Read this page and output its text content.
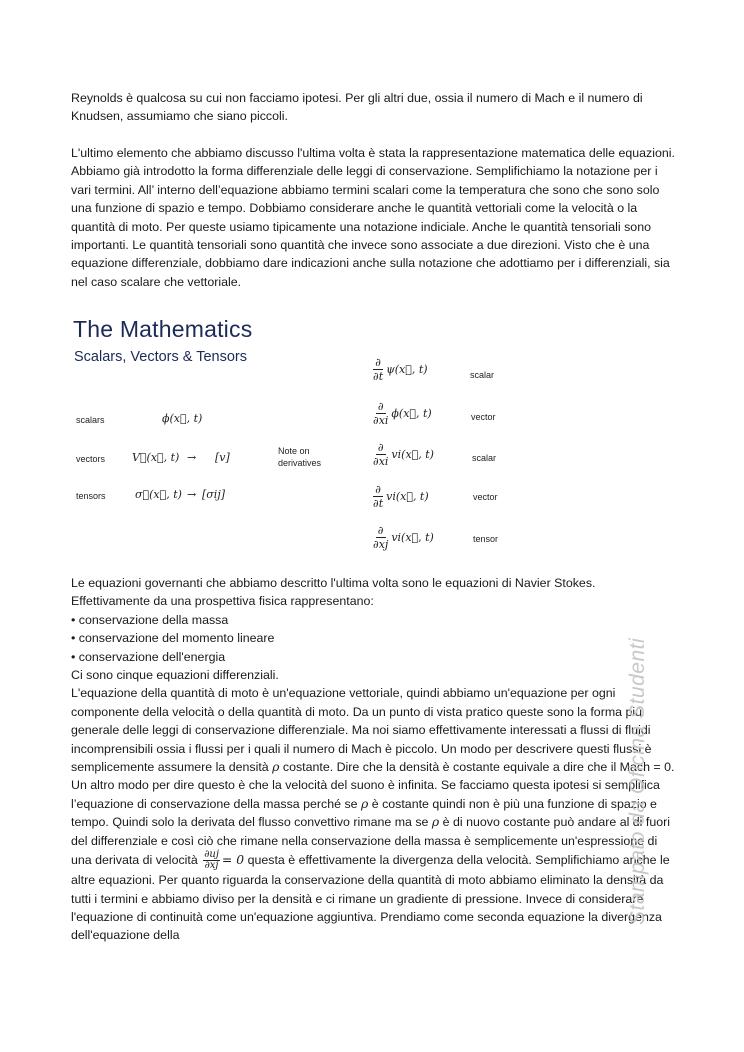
Reynolds è qualcosa su cui non facciamo ipotesi. Per gli altri due, ossia il numero di Mach e il numero di Knudsen, assumiamo che siano piccoli.

L'ultimo elemento che abbiamo discusso l'ultima volta è stata la rappresentazione matematica delle equazioni. Abbiamo già introdotto la forma differenziale delle leggi di conservazione. Semplifichiamo la notazione per i vari termini. All’ interno dell’equazione abbiamo termini scalari come la temperatura che sono che sono solo una funzione di spazio e tempo. Dobbiamo considerare anche le quantità vettoriali come la velocità o la quantità di moto. Per queste usiamo tipicamente una notazione indiciale. Anche le quantità tensoriali sono importanti. Le quantità tensoriali sono quantità che invece sono associate a due direzioni. Visto che è una equazione differenziale, dobbiamo dare indicazioni anche sulla notazione che adottiamo per i differenziali, sia nel caso scalare che vettoriale.

The Mathematics
Scalars, Vectors & Tensors
scalars	ϕ(x⃗, t)
vectors V⃗(x⃗, t) → [v]
tensors	σ⃗(x⃗, t) → [σij]
Note on derivatives
$\frac{\partial}{\partial t}$ ψ(x⃗, t)	scalar
$\frac{\partial}{\partial xi}$ ϕ(x⃗, t)	vector
$\frac{\partial}{\partial xi}$ vi(x⃗, t)	scalar
$\frac{\partial}{\partial t}$ vi(x⃗, t)	vector
$\frac{\partial}{\partial xj}$ vi(x⃗, t)	tensor

Le equazioni governanti che abbiamo descritto l'ultima volta sono le equazioni di Navier Stokes.

Effettivamente da una prospettiva fisica rappresentano:

• conservazione della massa

• conservazione del momento lineare

• conservazione dell'energia

Ci sono cinque equazioni differenziali.

L'equazione della quantità di moto è un'equazione vettoriale, quindi abbiamo un'equazione per ogni componente della velocità o della quantità di moto. Da un punto di vista pratico queste sono la forma più generale delle leggi di conservazione differenziale. Ma noi siamo effettivamente interessati a flussi di fluidi incomprensibili ossia i flussi per i quali il numero di Mach è piccolo. Un modo per descrivere questi flussi è semplicemente assumere la densità ρ costante. Dire che la densità è costante equivale a dire che il Mach = 0. Un altro modo per dire questo è che la velocità del suono è infinita. Se facciamo questa ipotesi si semplifica l’equazione di conservazione della massa perché se ρ è costante quindi non è più una funzione di spazio e tempo. Quindi solo la derivata del flusso convettivo rimane ma se ρ è di nuovo costante può andare al di fuori del differenziale e così ciò che rimane nella conservazione della massa è semplicemente un'espressione di una derivata di velocità $\frac{\partial uj}{\partial xj} = 0$ questa è effettivamente la divergenza della velocità. Semplifichiamo anche le altre equazioni. Per quanto riguarda la conservazione della quantità di moto abbiamo eliminato la densità da tutti i termini e abbiamo diviso per la densità e ci rimane un gradiente di pressione. Invece di considerare l'equazione di continuità come un'equazione aggiuntiva. Prendiamo come seconda equazione la divergenza dell'equazione della

Stampato da Oficina Studenti
